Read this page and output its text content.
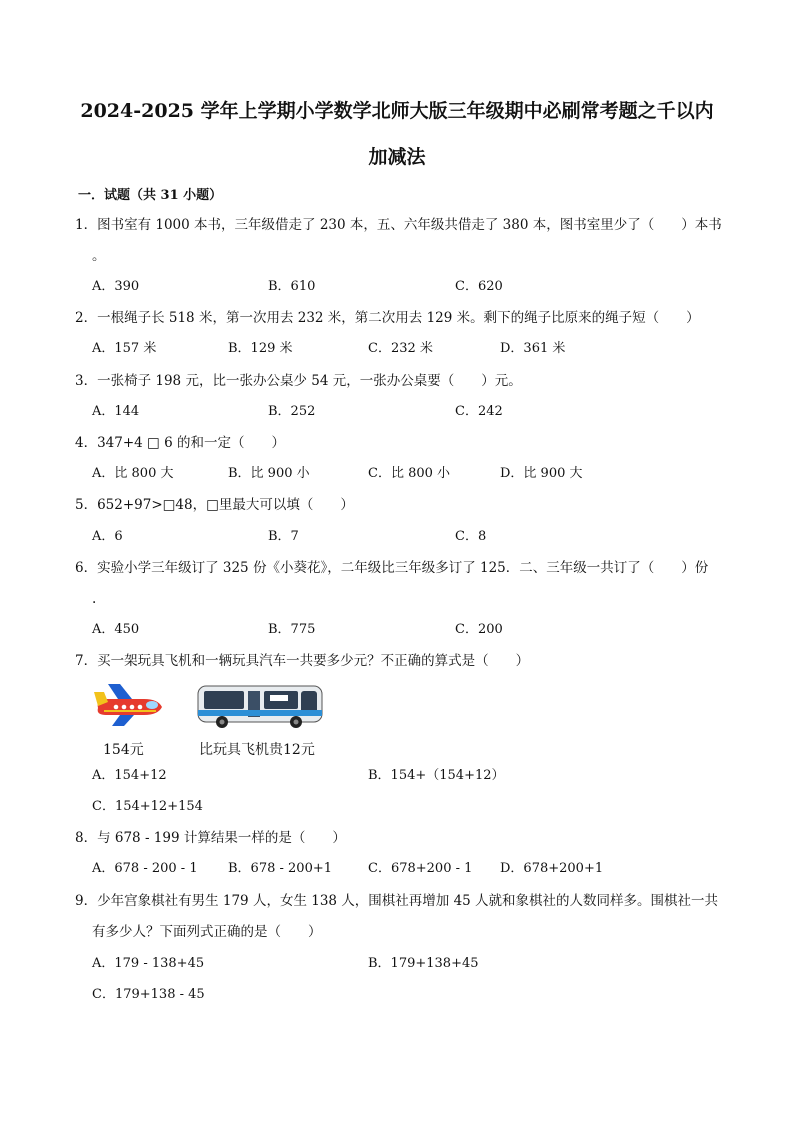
2024-2025 学年上学期小学数学北师大版三年级期中必刷常考题之千以内
加减法
一．试题（共 31 小题）
1．图书室有 1000 本书，三年级借走了 230 本，五、六年级共借走了 380 本，图书室里少了（　　）本书
。
A．390	B．610	C．620
2．一根绳子长 518 米，第一次用去 232 米，第二次用去 129 米。剩下的绳子比原来的绳子短（　　）
A．157 米	B．129 米	C．232 米	D．361 米
3．一张椅子 198 元，比一张办公桌少 54 元，一张办公桌要（　　）元。
A．144	B．252	C．242
4．347+4 □ 6 的和一定（　　）
A．比 800 大	B．比 900 小	C．比 800 小	D．比 900 大
5．652+97>□48，□里最大可以填（　　）
A．6	B．7	C．8
6．实验小学三年级订了 325 份《小葵花》，二年级比三年级多订了 125．二、三年级一共订了（　　）份
.
A．450	B．775	C．200
7．买一架玩具飞机和一辆玩具汽车一共要多少元？不正确的算式是（　　）
154元	比玩具飞机贵12元
A．154+12	B．154+（154+12）
C．154+12+154
8．与 678 - 199 计算结果一样的是（　　）
A．678 - 200 - 1 B．678 - 200+1	C．678+200 - 1 D．678+200+1
9．少年宫象棋社有男生 179 人，女生 138 人，围棋社再增加 45 人就和象棋社的人数同样多。围棋社一共
有多少人？下面列式正确的是（　　）
A．179 - 138+45	B．179+138+45
C．179+138 - 45
